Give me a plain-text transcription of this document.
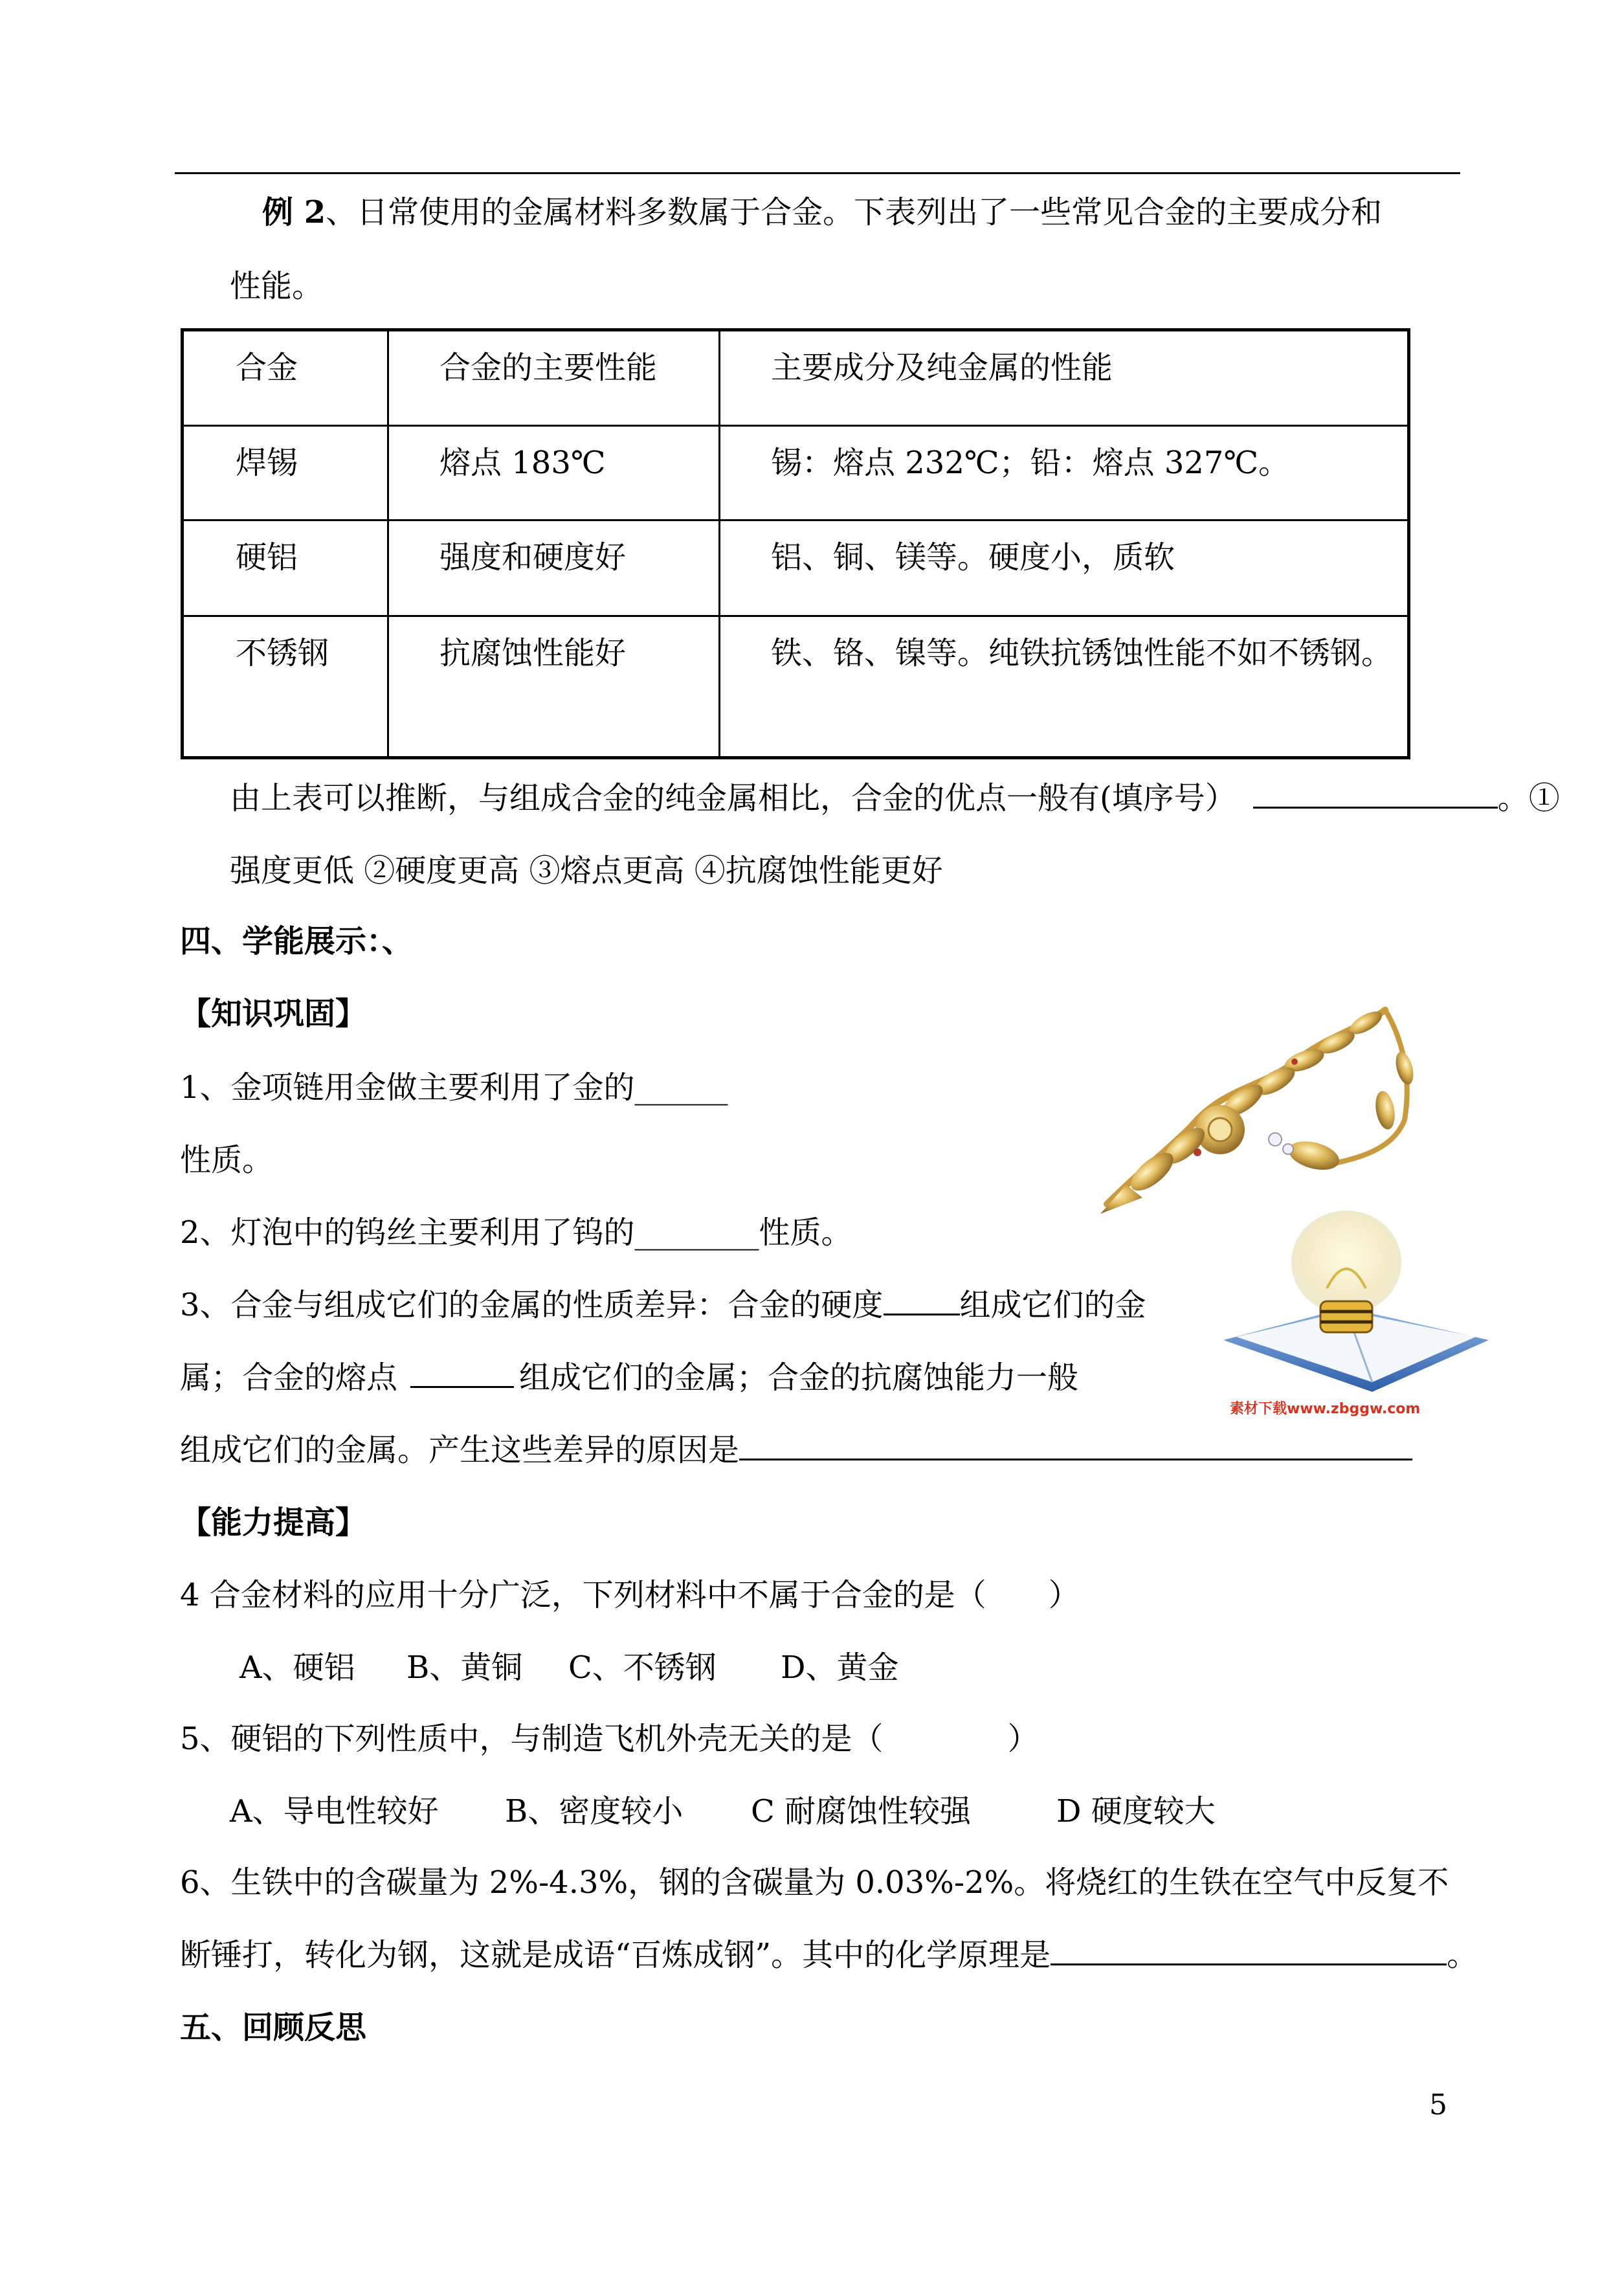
例 2、日常使用的金属材料多数属于合金。下表列出了一些常见合金的主要成分和
性能。
合金	合金的主要性能	主要成分及纯金属的性能
焊锡	熔点 183℃	锡：熔点 232℃；铅：熔点 327℃。
硬铝	强度和硬度好	铝、铜、镁等。硬度小，质软
不锈钢	抗腐蚀性能好	铁、铬、镍等。纯铁抗锈蚀性能不如不锈钢。
由上表可以推断，与组成合金的纯金属相比，合金的优点一般有(填序号）	。①
强度更低 ②硬度更高 ③熔点更高 ④抗腐蚀性能更好
四、学能展示：、
【知识巩固】
1、金项链用金做主要利用了金的______
性质。
2、灯泡中的钨丝主要利用了钨的________性质。
3、合金与组成它们的金属的性质差异：合金的硬度 组成它们的金
属；合金的熔点	组成它们的金属；合金的抗腐蚀能力一般
组成它们的金属。产生这些差异的原因是
【能力提高】
4 合金材料的应用十分广泛，下列材料中不属于合金的是（　　）
A、硬铝 B、黄铜 C、不锈钢 D、黄金
5、硬铝的下列性质中，与制造飞机外壳无关的是（　　　　）
A、导电性较好 B、密度较小 C 耐腐蚀性较强	D 硬度较大
6、生铁中的含碳量为 2%-4.3%，钢的含碳量为 0.03%-2%。将烧红的生铁在空气中反复不
断锤打，转化为钢，这就是成语“百炼成钢”。其中的化学原理是	。
五、回顾反思
5
素材下载www.zbggw.com
